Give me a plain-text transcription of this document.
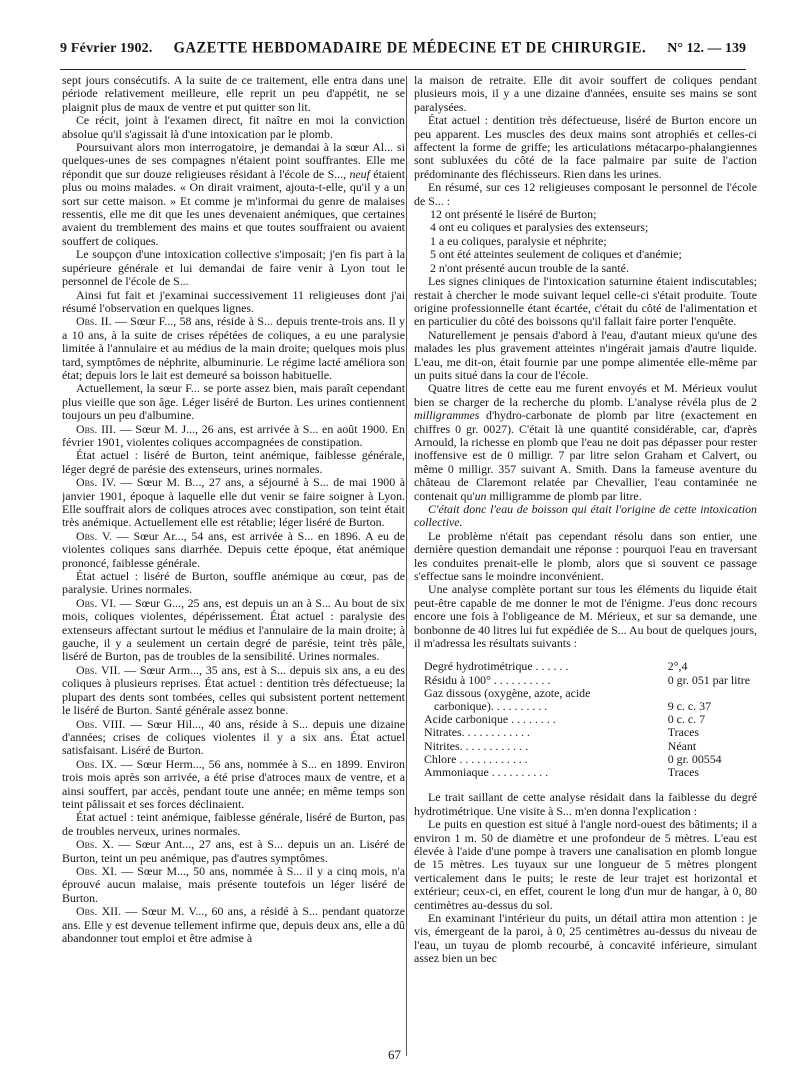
9 Février 1902. GAZETTE HEBDOMADAIRE DE MÉDECINE ET DE CHIRURGIE. N° 12. — 139

sept jours consécutifs. A la suite de ce traitement, elle entra dans une période relativement meilleure, elle reprit un peu d'appétit, ne se plaignit plus de maux de ventre et put quitter son lit.

Ce récit, joint à l'examen direct, fit naître en moi la conviction absolue qu'il s'agissait là d'une intoxication par le plomb.

Poursuivant alors mon interrogatoire, je demandai à la sœur Al... si quelques-unes de ses compagnes n'étaient point souffrantes. Elle me répondit que sur douze religieuses résidant à l'école de S..., neuf étaient plus ou moins malades. « On dirait vraiment, ajouta-t-elle, qu'il y a un sort sur cette maison. » Et comme je m'informai du genre de malaises ressentis, elle me dit que les unes devenaient anémiques, que certaines avaient du tremblement des mains et que toutes souffraient ou avaient souffert de coliques.

Le soupçon d'une intoxication collective s'imposait; j'en fis part à la supérieure générale et lui demandai de faire venir à Lyon tout le personnel de l'école de S...

Ainsi fut fait et j'examinai successivement 11 religieuses dont j'ai résumé l'observation en quelques lignes.

Obs. II. — Sœur F..., 58 ans, réside à S... depuis trente-trois ans. Il y a 10 ans, à la suite de crises répétées de coliques, a eu une paralysie limitée à l'annulaire et au médius de la main droite; quelques mois plus tard, symptômes de néphrite, albuminurie. Le régime lacté améliora son état; depuis lors le lait est demeuré sa boisson habituelle.

Actuellement, la sœur F... se porte assez bien, mais paraît cependant plus vieille que son âge. Léger liséré de Burton. Les urines contiennent toujours un peu d'albumine.

Obs. III. — Sœur M. J..., 26 ans, est arrivée à S... en août 1900. En février 1901, violentes coliques accompagnées de constipation.

État actuel : liséré de Burton, teint anémique, faiblesse générale, léger degré de parésie des extenseurs, urines normales.

Obs. IV. — Sœur M. B..., 27 ans, a séjourné à S... de mai 1900 à janvier 1901, époque à laquelle elle dut venir se faire soigner à Lyon. Elle souffrait alors de coliques atroces avec constipation, son teint était très anémique. Actuellement elle est rétablie; léger liséré de Burton.

Obs. V. — Sœur Ar..., 54 ans, est arrivée à S... en 1896. A eu de violentes coliques sans diarrhée. Depuis cette époque, état anémique prononcé, faiblesse générale.

État actuel : liséré de Burton, souffle anémique au cœur, pas de paralysie. Urines normales.

Obs. VI. — Sœur G..., 25 ans, est depuis un an à S... Au bout de six mois, coliques violentes, dépérissement. État actuel : paralysie des extenseurs affectant surtout le médius et l'annulaire de la main droite; à gauche, il y a seulement un certain degré de parésie, teint très pâle, liséré de Burton, pas de troubles de la sensibilité. Urines normales.

Obs. VII. — Sœur Arm..., 35 ans, est à S... depuis six ans, a eu des coliques à plusieurs reprises. État actuel : dentition très défectueuse; la plupart des dents sont tombées, celles qui subsistent portent nettement le liséré de Burton. Santé générale assez bonne.

Obs. VIII. — Sœur Hil..., 40 ans, réside à S... depuis une dizaine d'années; crises de coliques violentes il y a six ans. État actuel satisfaisant. Liséré de Burton.

Obs. IX. — Sœur Herm..., 56 ans, nommée à S... en 1899. Environ trois mois après son arrivée, a été prise d'atroces maux de ventre, et a ainsi souffert, par accès, pendant toute une année; en même temps son teint pâlissait et ses forces déclinaient.

État actuel : teint anémique, faiblesse générale, liséré de Burton, pas de troubles nerveux, urines normales.

Obs. X. — Sœur Ant..., 27 ans, est à S... depuis un an. Liséré de Burton, teint un peu anémique, pas d'autres symptômes.

Obs. XI. — Sœur M..., 50 ans, nommée à S... il y a cinq mois, n'a éprouvé aucun malaise, mais présente toutefois un léger liséré de Burton.

Obs. XII. — Sœur M. V..., 60 ans, a résidé à S... pendant quatorze ans. Elle y est devenue tellement infirme que, depuis deux ans, elle a dû abandonner tout emploi et être admise à

la maison de retraite. Elle dit avoir souffert de coliques pendant plusieurs mois, il y a une dizaine d'années, ensuite ses mains se sont paralysées.

État actuel : dentition très défectueuse, liséré de Burton encore un peu apparent. Les muscles des deux mains sont atrophiés et celles-ci affectent la forme de griffe; les articulations métacarpo-phalangiennes sont subluxées du côté de la face palmaire par suite de l'action prédominante des fléchisseurs. Rien dans les urines.

En résumé, sur ces 12 religieuses composant le personnel de l'école de S... :

12 ont présenté le liséré de Burton;
4 ont eu coliques et paralysies des extenseurs;
1 a eu coliques, paralysie et néphrite;
5 ont été atteintes seulement de coliques et d'anémie;
2 n'ont présenté aucun trouble de la santé.

Les signes cliniques de l'intoxication saturnine étaient indiscutables; restait à chercher le mode suivant lequel celle-ci s'était produite. Toute origine professionnelle étant écartée, c'était du côté de l'alimentation et en particulier du côté des boissons qu'il fallait faire porter l'enquête.

Naturellement je pensais d'abord à l'eau, d'autant mieux qu'une des malades les plus gravement atteintes n'ingérait jamais d'autre liquide. L'eau, me dit-on, était fournie par une pompe alimentée elle-même par un puits situé dans la cour de l'école.

Quatre litres de cette eau me furent envoyés et M. Mérieux voulut bien se charger de la recherche du plomb. L'analyse révéla plus de 2 milligrammes d'hydro-carbonate de plomb par litre (exactement en chiffres 0 gr. 0027). C'était là une quantité considérable, car, d'après Arnould, la richesse en plomb que l'eau ne doit pas dépasser pour rester inoffensive est de 0 milligr. 7 par litre selon Graham et Calvert, ou même 0 milligr. 357 suivant A. Smith. Dans la fameuse aventure du château de Claremont relatée par Chevallier, l'eau contaminée ne contenait qu'un milligramme de plomb par litre.

C'était donc l'eau de boisson qui était l'origine de cette intoxication collective.

Le problème n'était pas cependant résolu dans son entier, une dernière question demandait une réponse : pourquoi l'eau en traversant les conduites prenait-elle le plomb, alors que si souvent ce passage s'effectue sans le moindre inconvénient.

Une analyse complète portant sur tous les éléments du liquide était peut-être capable de me donner le mot de l'énigme. J'eus donc recours encore une fois à l'obligeance de M. Mérieux, et sur sa demande, une bonbonne de 40 litres lui fut expédiée de S... Au bout de quelques jours, il m'adressa les résultats suivants :

Degré hydrotimétrique . . . . . .	2°,4
Résidu à 100° . . . . . . . . . .	0 gr. 051 par litre
Gaz dissous (oxygène, azote, acide	
carbonique). . . . . . . . . .	9 c. c. 37
Acide carbonique . . . . . . . .	0 c. c. 7
Nitrates. . . . . . . . . . . .	Traces
Nitrites. . . . . . . . . . . .	Néant
Chlore . . . . . . . . . . . .	0 gr. 00554
Ammoniaque . . . . . . . . . .	Traces

Le trait saillant de cette analyse résidait dans la faiblesse du degré hydrotimétrique. Une visite à S... m'en donna l'explication :

Le puits en question est situé à l'angle nord-ouest des bâtiments; il a environ 1 m. 50 de diamètre et une profondeur de 5 mètres. L'eau est élevée à l'aide d'une pompe à travers une canalisation en plomb longue de 15 mètres. Les tuyaux sur une longueur de 5 mètres plongent verticalement dans le puits; le reste de leur trajet est horizontal et extérieur; ceux-ci, en effet, courent le long d'un mur de hangar, à 0, 80 centimètres au-dessus du sol.

En examinant l'intérieur du puits, un détail attira mon attention : je vis, émergeant de la paroi, à 0, 25 centimètres au-dessus du niveau de l'eau, un tuyau de plomb recourbé, à concavité inférieure, simulant assez bien un bec

67
